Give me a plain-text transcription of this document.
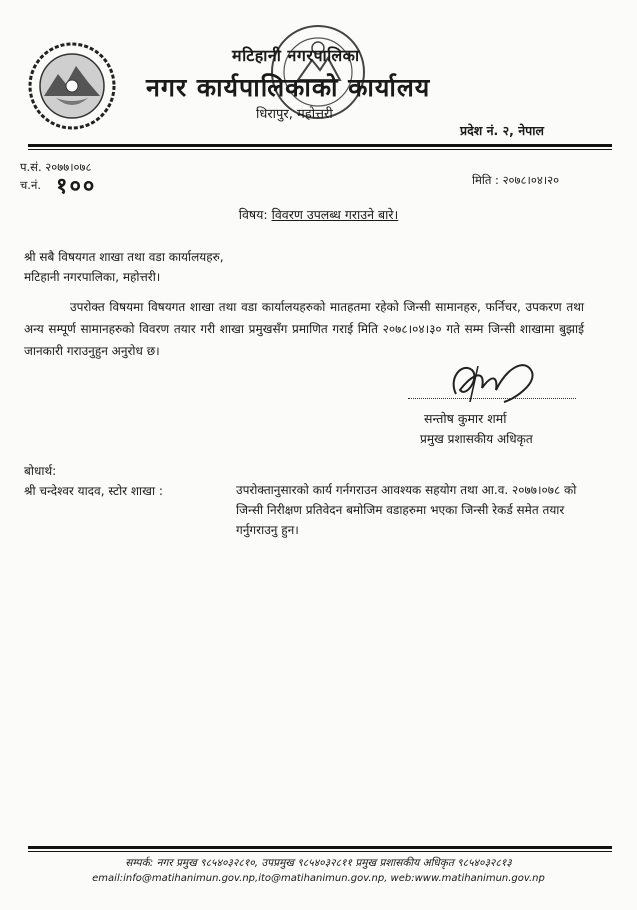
मटिहानी नगरपालिका
नगर कार्यपालिकाको कार्यालय
धिरापुर, महोत्तरी
प्रदेश नं. २, नेपाल
प.सं. २०७७।०७८
च.नं. १००	मिति : २०७८।०४।२०
विषय: विवरण उपलब्ध गराउने बारे।
श्री सबै विषयगत शाखा तथा वडा कार्यालयहरु,
मटिहानी नगरपालिका, महोत्तरी।
उपरोक्त विषयमा विषयगत शाखा तथा वडा कार्यालयहरुको मातहतमा रहेको जिन्सी सामानहरु, फर्निचर, उपकरण तथा अन्य सम्पूर्ण सामानहरुको विवरण तयार गरी शाखा प्रमुखसँग प्रमाणित गराई मिति २०७८।०४।३० गते सम्म जिन्सी शाखामा बुझाई जानकारी गराउनुहुन अनुरोध छ।
सन्तोष कुमार शर्मा
प्रमुख प्रशासकीय अधिकृत
बोधार्थ:
श्री चन्देश्वर यादव, स्टोर शाखा :	उपरोक्तानुसारको कार्य गर्नगराउन आवश्यक सहयोग तथा आ.व. २०७७।०७८ को जिन्सी निरीक्षण प्रतिवेदन बमोजिम वडाहरुमा भएका जिन्सी रेकर्ड समेत तयार गर्नुगराउनु हुन।
सम्पर्क: नगर प्रमुख ९८५४०३२८१०, उपप्रमुख ९८५४०३२८११ प्रमुख प्रशासकीय अधिकृत ९८५४०३२८१३
email:info@matihanimun.gov.np,ito@matihanimun.gov.np, web:www.matihanimun.gov.np
